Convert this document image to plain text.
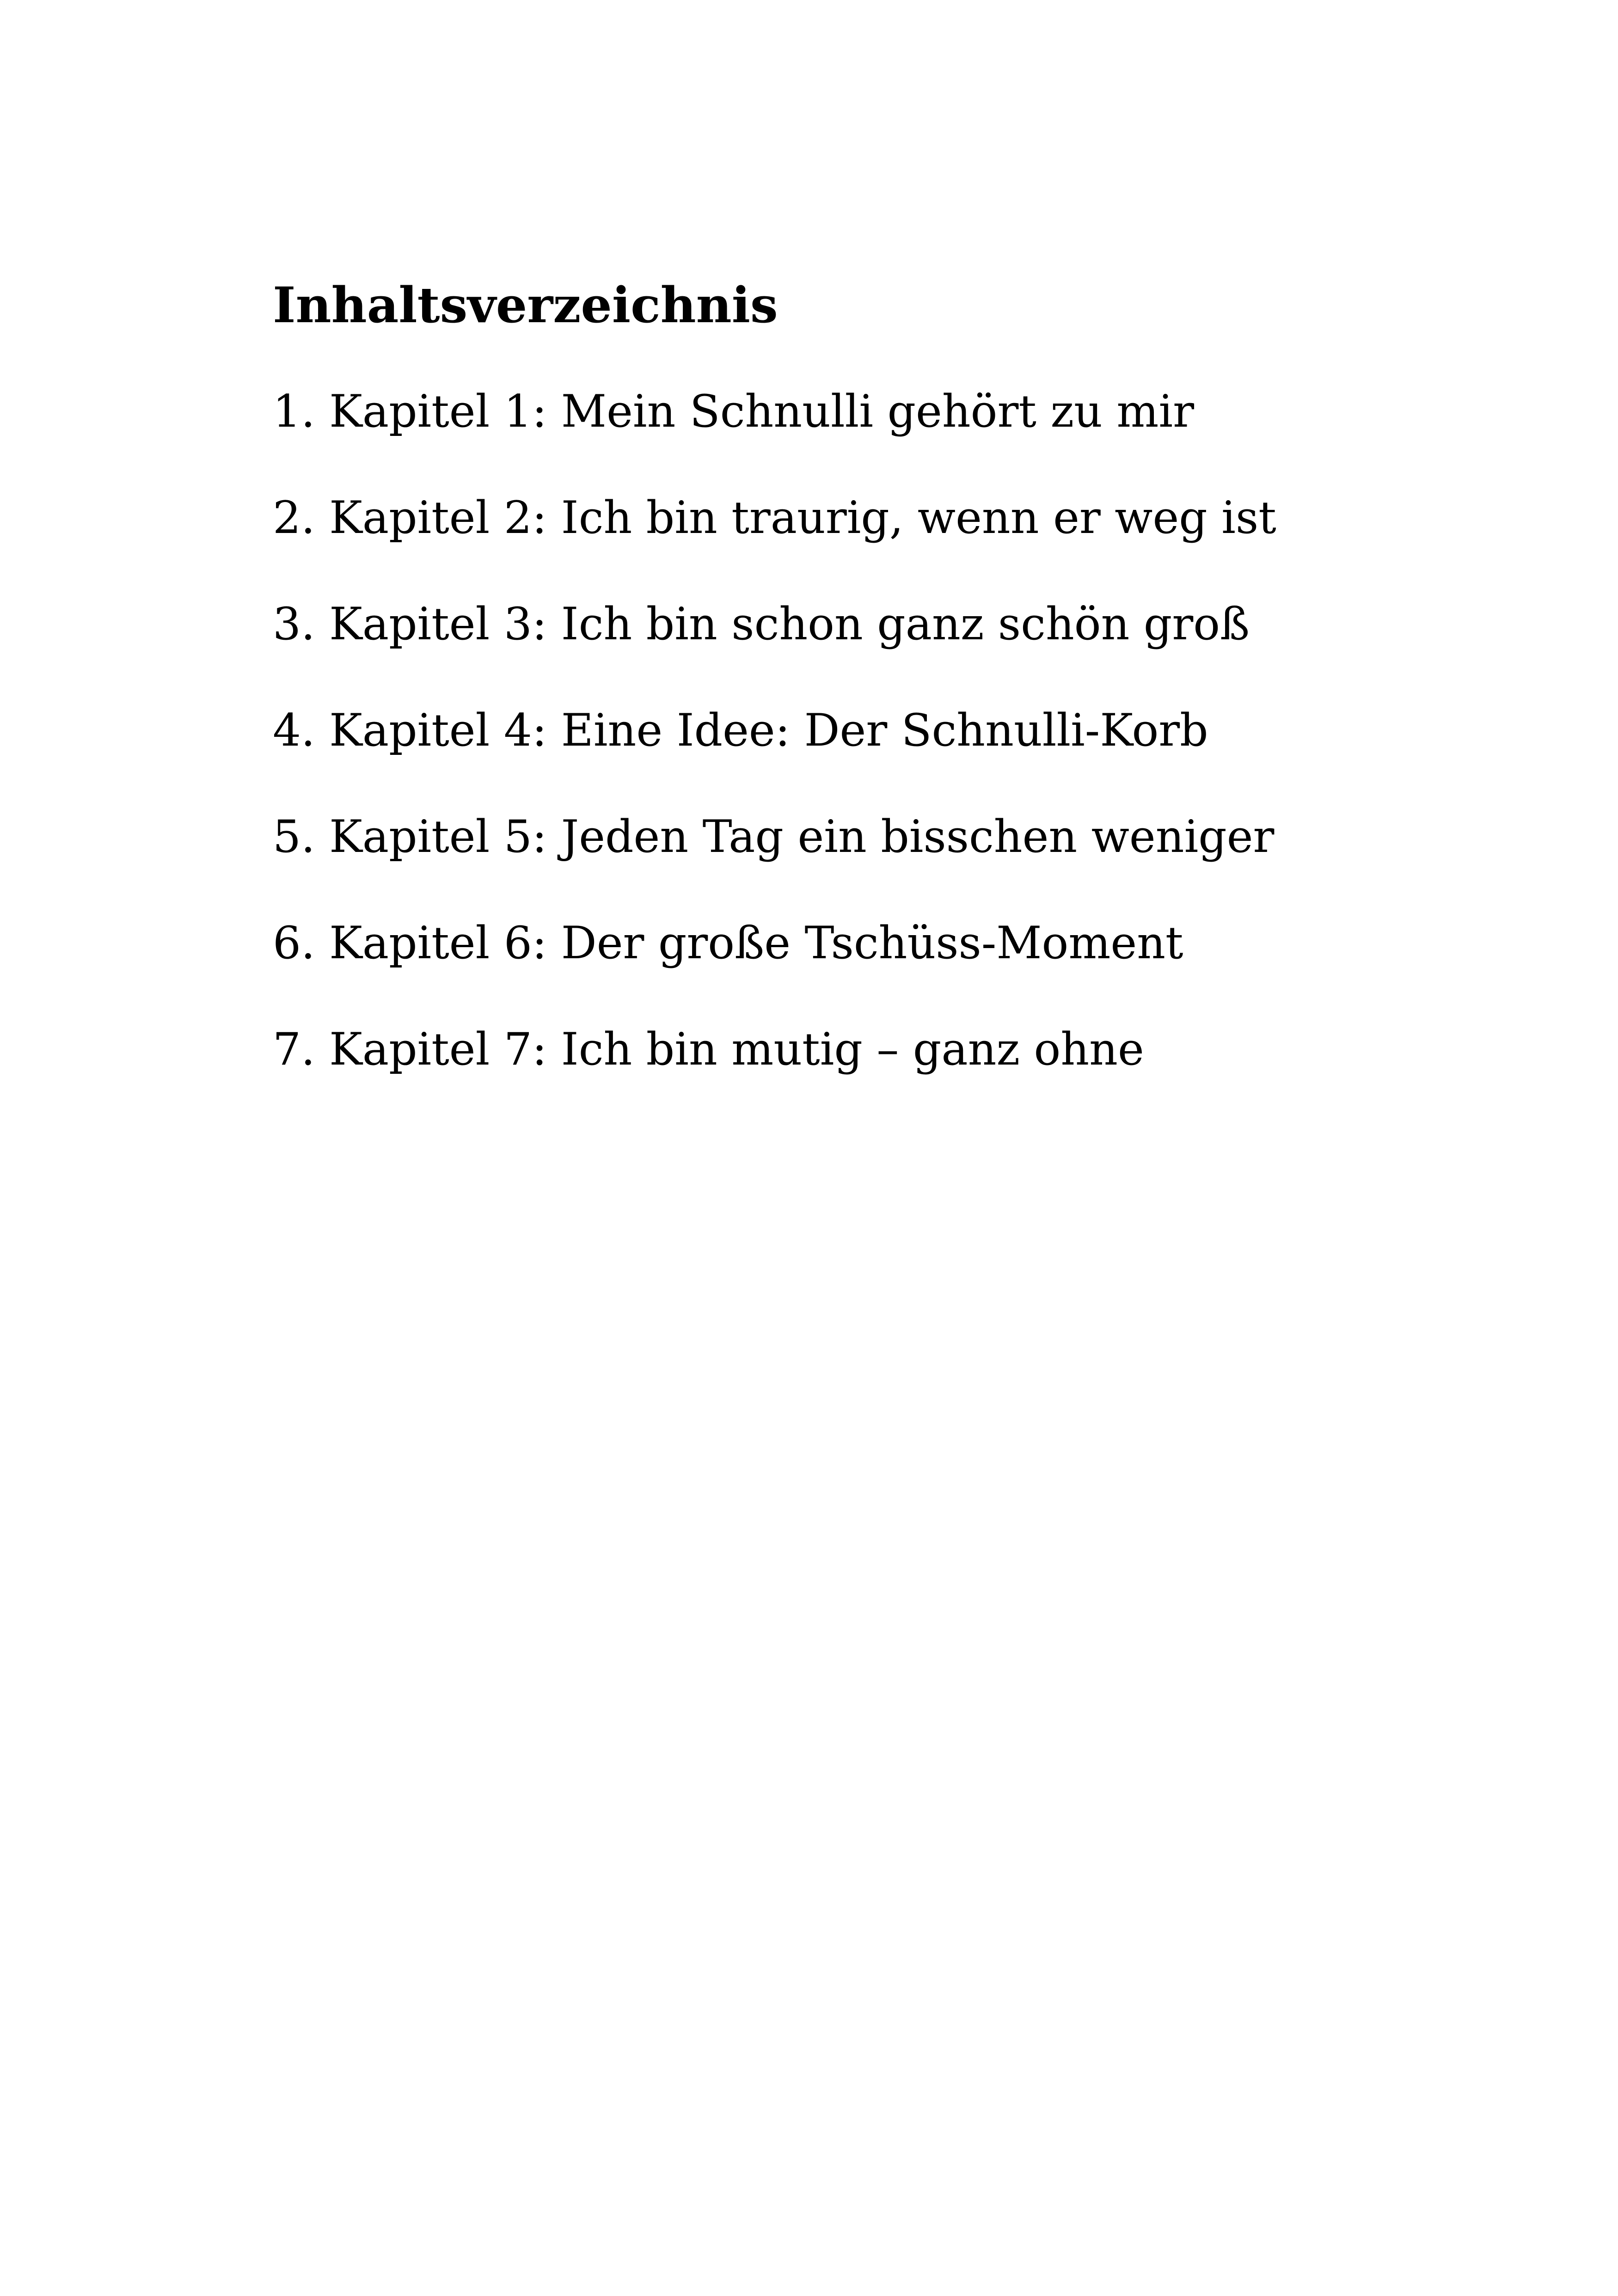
Inhaltsverzeichnis
1. Kapitel 1: Mein Schnulli gehört zu mir
2. Kapitel 2: Ich bin traurig, wenn er weg ist
3. Kapitel 3: Ich bin schon ganz schön groß
4. Kapitel 4: Eine Idee: Der Schnulli-Korb
5. Kapitel 5: Jeden Tag ein bisschen weniger
6. Kapitel 6: Der große Tschüss-Moment
7. Kapitel 7: Ich bin mutig – ganz ohne
